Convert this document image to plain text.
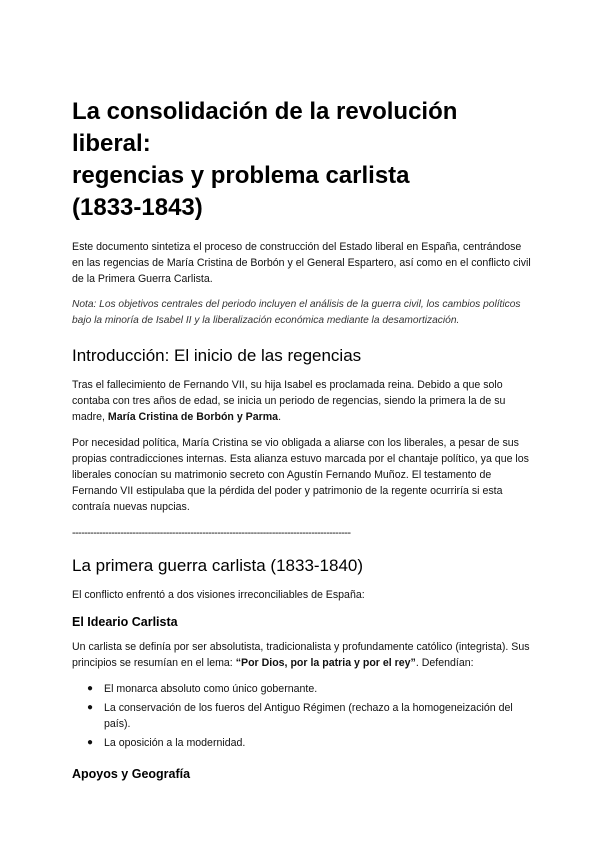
La consolidación de la revolución liberal:
regencias y problema carlista
(1833-1843)

Este documento sintetiza el proceso de construcción del Estado liberal en España, centrándose en las regencias de María Cristina de Borbón y el General Espartero, así como en el conflicto civil de la Primera Guerra Carlista.

Nota: Los objetivos centrales del periodo incluyen el análisis de la guerra civil, los cambios políticos bajo la minoría de Isabel II y la liberalización económica mediante la desamortización.

Introducción: El inicio de las regencias

Tras el fallecimiento de Fernando VII, su hija Isabel es proclamada reina. Debido a que solo contaba con tres años de edad, se inicia un periodo de regencias, siendo la primera la de su madre, María Cristina de Borbón y Parma.

Por necesidad política, María Cristina se vio obligada a aliarse con los liberales, a pesar de sus propias contradicciones internas. Esta alianza estuvo marcada por el chantaje político, ya que los liberales conocían su matrimonio secreto con Agustín Fernando Muñoz. El testamento de Fernando VII estipulaba que la pérdida del poder y patrimonio de la regente ocurriría si esta contraía nuevas nupcias.

--------------------------------------------------------------------------------------------
La primera guerra carlista (1833-1840)

El conflicto enfrentó a dos visiones irreconciliables de España:

El Ideario Carlista

Un carlista se definía por ser absolutista, tradicionalista y profundamente católico (integrista). Sus principios se resumían en el lema: “Por Dios, por la patria y por el rey”. Defendían:

● El monarca absoluto como único gobernante.
● La conservación de los fueros del Antiguo Régimen (rechazo a la homogeneización del país).
● La oposición a la modernidad.
Apoyos y Geografía
